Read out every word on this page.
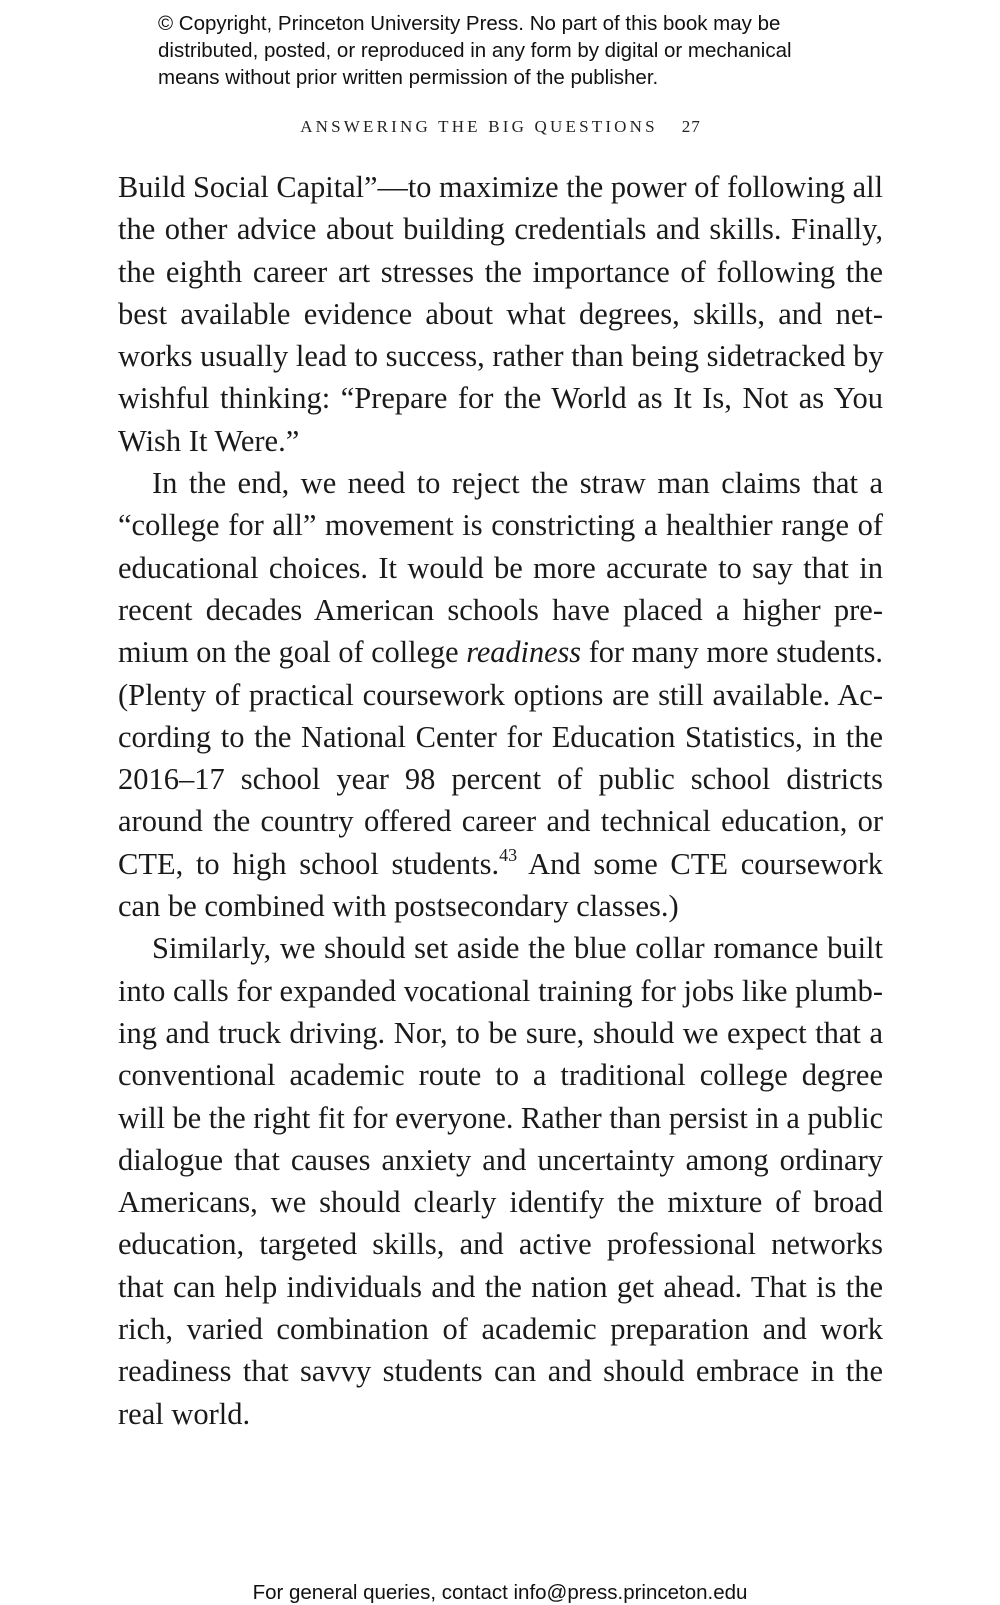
© Copyright, Princeton University Press. No part of this book may be
distributed, posted, or reproduced in any form by digital or mechanical
means without prior written permission of the publisher.
ANSWERING THE BIG QUESTIONS 27
Build Social Capital”—to maximize the power of following all
the other advice about building credentials and skills. Finally,
the eighth career art stresses the importance of following the
best available evidence about what degrees, skills, and net-
works usually lead to success, rather than being sidetracked by
wishful thinking: “Prepare for the World as It Is, Not as You
Wish It Were.”
In the end, we need to reject the straw man claims that a
“college for all” movement is constricting a healthier range of
educational choices. It would be more accurate to say that in
recent decades American schools have placed a higher pre-
mium on the goal of college readiness for many more students.
(Plenty of practical coursework options are still available. Ac-
cording to the National Center for Education Statistics, in the
2016–17 school year 98 percent of public school districts
around the country offered career and technical education, or
CTE, to high school students.$^{43}$ And some CTE coursework
can be combined with postsecondary classes.)
Similarly, we should set aside the blue collar romance built
into calls for expanded vocational training for jobs like plumb-
ing and truck driving. Nor, to be sure, should we expect that a
conventional academic route to a traditional college degree
will be the right fit for everyone. Rather than persist in a public
dialogue that causes anxiety and uncertainty among ordinary
Americans, we should clearly identify the mixture of broad
education, targeted skills, and active professional networks
that can help individuals and the nation get ahead. That is the
rich, varied combination of academic preparation and work
readiness that savvy students can and should embrace in the
real world.
For general queries, contact info@press.princeton.edu
